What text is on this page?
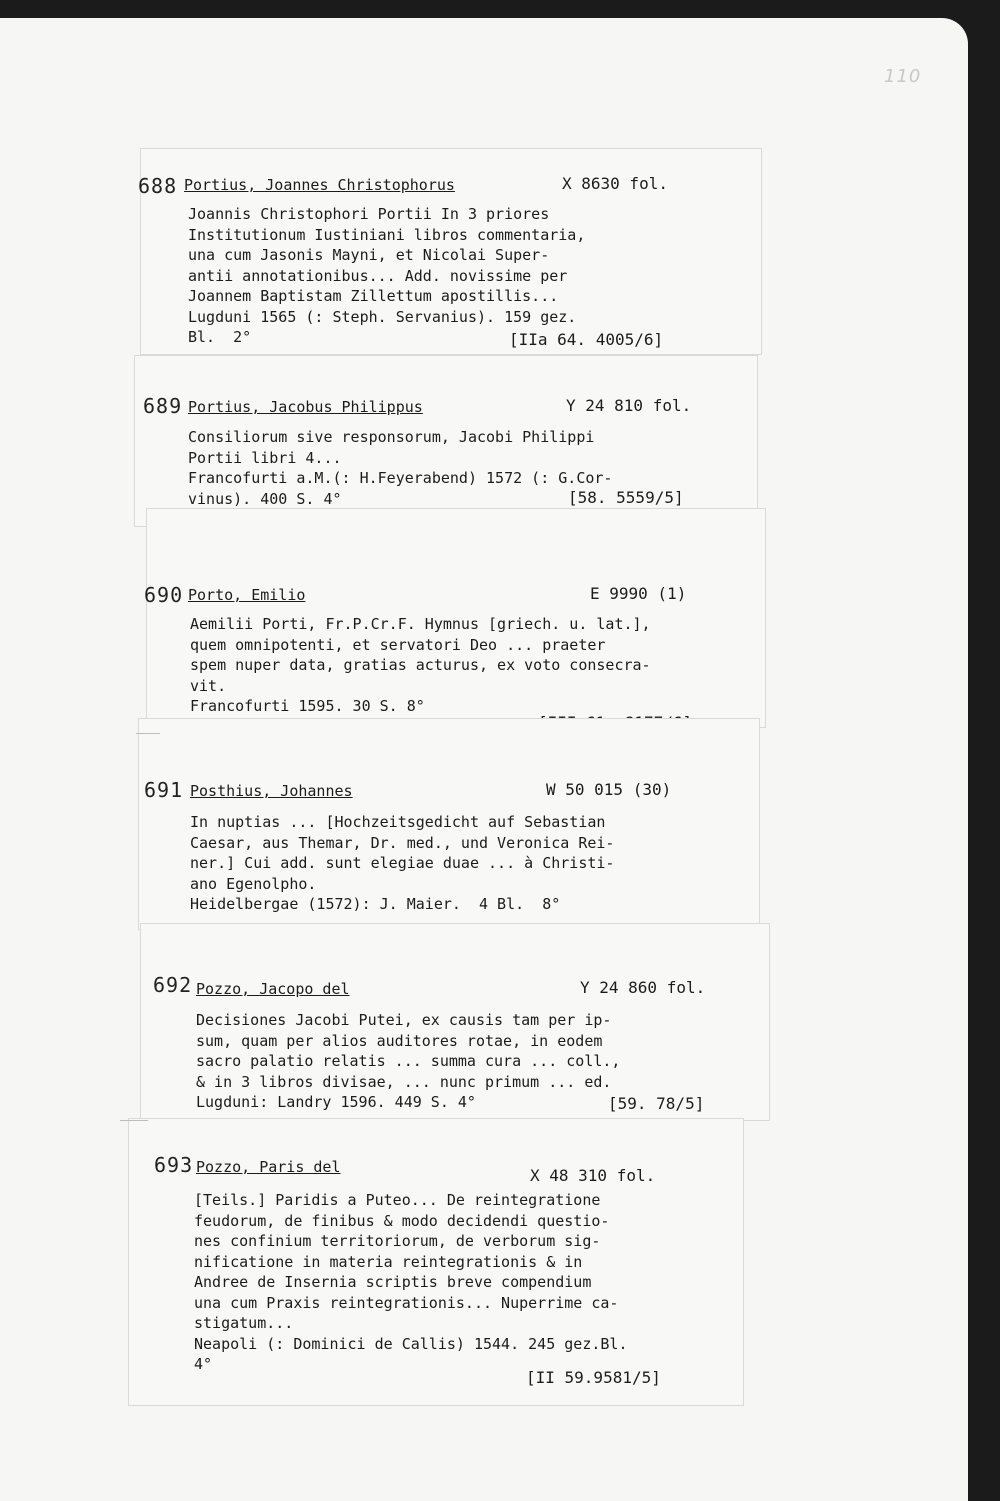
110
688 Portius, Joannes Christophorus	X 8630 fol.
Joannis Christophori Portii In 3 priores
Institutionum Iustiniani libros commentaria,
una cum Jasonis Mayni, et Nicolai Super-
antii annotationibus... Add. novissime per
Joannem Baptistam Zillettum apostillis...
Lugduni 1565 (: Steph. Servanius). 159 gez.
Bl.  2°	[IIa 64. 4005/6]
689 Portius, Jacobus Philippus	Y 24 810 fol.
Consiliorum sive responsorum, Jacobi Philippi
Portii libri 4...
Francofurti a.M.(: H.Feyerabend) 1572 (: G.Cor-
vinus). 400 S. 4°	[58. 5559/5]
690 Porto, Emilio	E 9990 (1)
Aemilii Porti, Fr.P.Cr.F. Hymnus [griech. u. lat.],
quem omnipotenti, et servatori Deo ... praeter
spem nuper data, gratias acturus, ex voto consecra-
vit.
Francofurti 1595. 30 S. 8°
691 Posthius, Johannes	W 50 015 (30)
In nuptias ... [Hochzeitsgedicht auf Sebastian
Caesar, aus Themar, Dr. med., und Veronica Rei-
ner.] Cui add. sunt elegiae duae ... à Christi-
ano Egenolpho.
Heidelbergae (1572): J. Maier.  4 Bl.  8°
692 Pozzo, Jacopo del	Y 24 860 fol.
Decisiones Jacobi Putei, ex causis tam per ip-
sum, quam per alios auditores rotae, in eodem
sacro palatio relatis ... summa cura ... coll.,
& in 3 libros divisae, ... nunc primum ... ed.
Lugduni: Landry 1596. 449 S. 4°	[59. 78/5]
693 Pozzo, Paris del	X 48 310 fol.
[Teils.] Paridis a Puteo... De reintegratione
feudorum, de finibus & modo decidendi questio-
nes confinium territoriorum, de verborum sig-
nificatione in materia reintegrationis & in
Andree de Insernia scriptis breve compendium
una cum Praxis reintegrationis... Nuperrime ca-
stigatum...
Neapoli (: Dominici de Callis) 1544. 245 gez.Bl.
4°
[II 59.9581/5]
